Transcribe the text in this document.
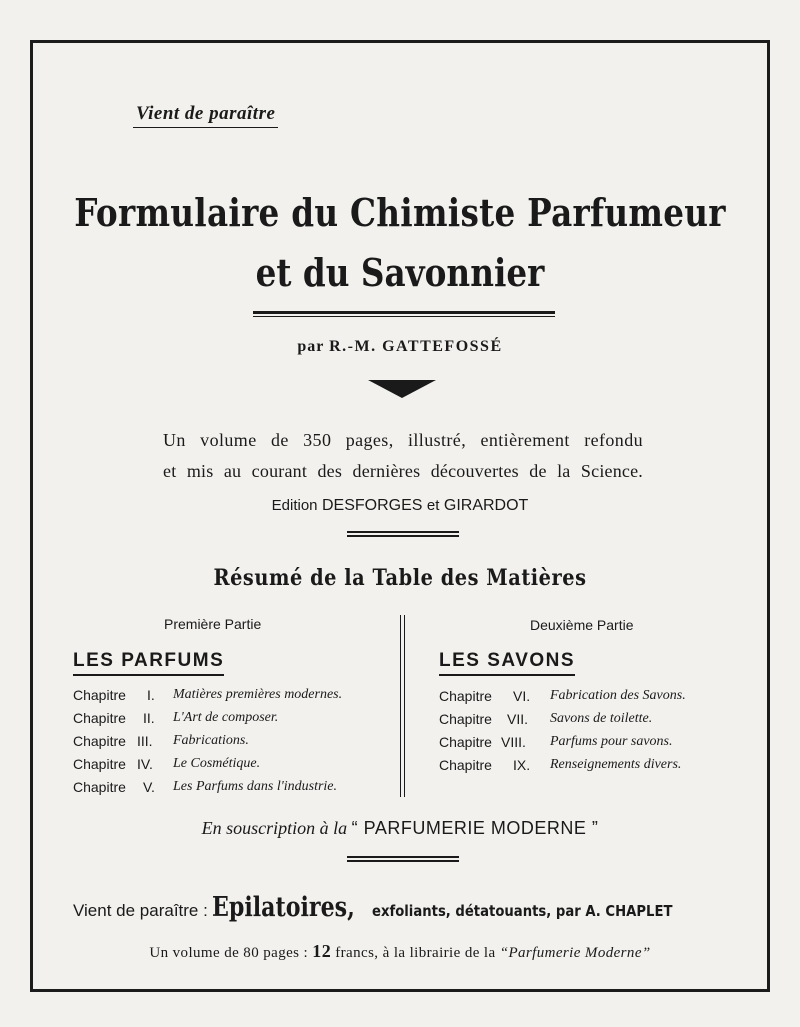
Vient de paraître
Formulaire du Chimiste Parfumeur
et du Savonnier
par R.-M. GATTEFOSSÉ
Un volume de 350 pages, illustré, entièrement refondu
et mis au courant des dernières découvertes de la Science.
Edition DESFORGES et GIRARDOT
Résumé de la Table des Matières
Première Partie
LES PARFUMS
Chapitre I. Matières premières modernes.
Chapitre II. L'Art de composer.
Chapitre III. Fabrications.
Chapitre IV. Le Cosmétique.
Chapitre V. Les Parfums dans l'industrie.
Deuxième Partie
LES SAVONS
Chapitre VI. Fabrication des Savons.
Chapitre VII. Savons de toilette.
Chapitre VIII. Parfums pour savons.
Chapitre IX. Renseignements divers.
En souscription à la “ PARFUMERIE MODERNE ”
Vient de paraître : Epilatoires, exfoliants, détatouants, par A. CHAPLET
Un volume de 80 pages : 12 francs, à la librairie de la “Parfumerie Moderne”
